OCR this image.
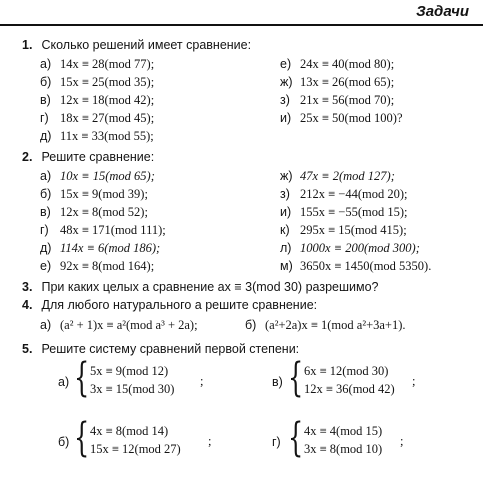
Задачи
1. Сколько решений имеет сравнение:
а) 14x ≡ 28(mod 77);
б) 15x ≡ 25(mod 35);
в) 12x ≡ 18(mod 42);
г) 18x ≡ 27(mod 45);
д) 11x ≡ 33(mod 55);
е) 24x ≡ 40(mod 80);
ж) 13x ≡ 26(mod 65);
з) 21x ≡ 56(mod 70);
и) 25x ≡ 50(mod 100)?
2. Решите сравнение:
а) 10x ≡ 15(mod 65);
б) 15x ≡ 9(mod 39);
в) 12x ≡ 8(mod 52);
г) 48x ≡ 171(mod 111);
д) 114x ≡ 6(mod 186);
е) 92x ≡ 8(mod 164);
ж) 47x ≡ 2(mod 127);
з) 212x ≡ −44(mod 20);
и) 155x ≡ −55(mod 15);
к) 295x ≡ 15(mod 415);
л) 1000x ≡ 200(mod 300);
м) 3650x ≡ 1450(mod 5350).
3. При каких целых a сравнение ax ≡ 3(mod 30) разрешимо?
4. Для любого натурального a решите сравнение:
а) (a² + 1)x ≡ a²(mod a³ + 2a);	б) (a²+2a)x ≡ 1(mod a²+3a+1).
5. Решите систему сравнений первой степени:
а) { 5x ≡ 9(mod 12)
3x ≡ 15(mod 30)
;	в) { 6x ≡ 12(mod 30)
12x ≡ 36(mod 42)
;
б) { 4x ≡ 8(mod 14)
15x ≡ 12(mod 27)
;	г) { 4x ≡ 4(mod 15)
3x ≡ 8(mod 10)
;
